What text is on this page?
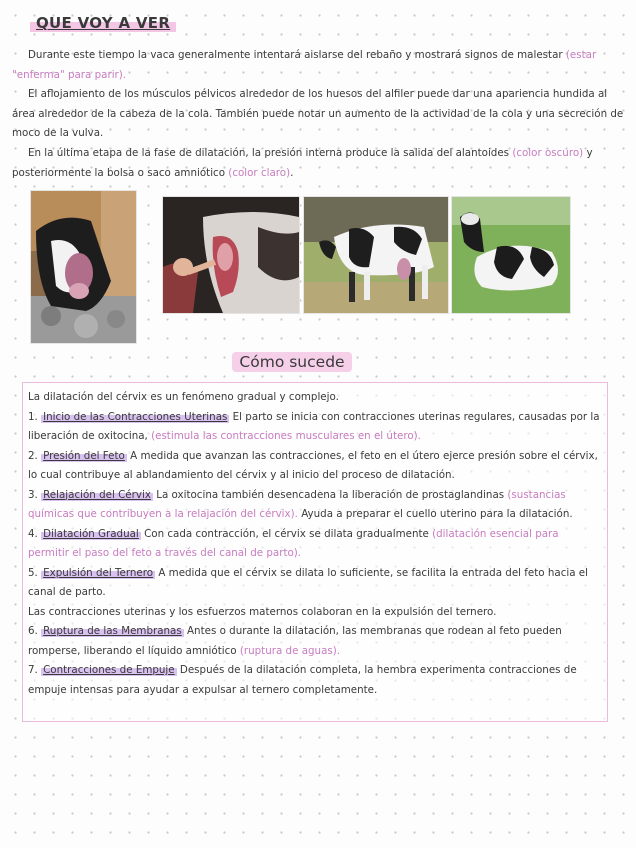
QUE VOY A VER
Durante este tiempo la vaca generalmente intentará aislarse del rebaño y mostrará signos de malestar (estar "enferma" para parir).
El aflojamiento de los músculos pélvicos alrededor de los huesos del alfiler puede dar una apariencia hundida al área alrededor de la cabeza de la cola. También puede notar un aumento de la actividad de la cola y una secreción de moco de la vulva.
En la última etapa de la fase de dilatación, la presión interna produce la salida del alantoides (color oscuro) y posteriormente la bolsa o saco amniótico (color claro).
Cómo sucede
La dilatación del cérvix es un fenómeno gradual y complejo.
1. Inicio de las Contracciones Uterinas El parto se inicia con contracciones uterinas regulares, causadas por la liberación de oxitocina, (estimula las contracciones musculares en el útero).
2. Presión del Feto A medida que avanzan las contracciones, el feto en el útero ejerce presión sobre el cérvix, lo cual contribuye al ablandamiento del cérvix y al inicio del proceso de dilatación.
3. Relajación del Cérvix La oxitocina también desencadena la liberación de prostaglandinas (sustancias químicas que contribuyen a la relajación del cérvix). Ayuda a preparar el cuello uterino para la dilatación.
4. Dilatación Gradual Con cada contracción, el cérvix se dilata gradualmente (dilatación esencial para permitir el paso del feto a través del canal de parto).
5. Expulsión del Ternero A medida que el cérvix se dilata lo suficiente, se facilita la entrada del feto hacia el canal de parto.

Las contracciones uterinas y los esfuerzos maternos colaboran en la expulsión del ternero.
6. Ruptura de las Membranas Antes o durante la dilatación, las membranas que rodean al feto pueden romperse, liberando el líquido amniótico (ruptura de aguas).
7. Contracciones de Empuje Después de la dilatación completa, la hembra experimenta contracciones de empuje intensas para ayudar a expulsar al ternero completamente.
